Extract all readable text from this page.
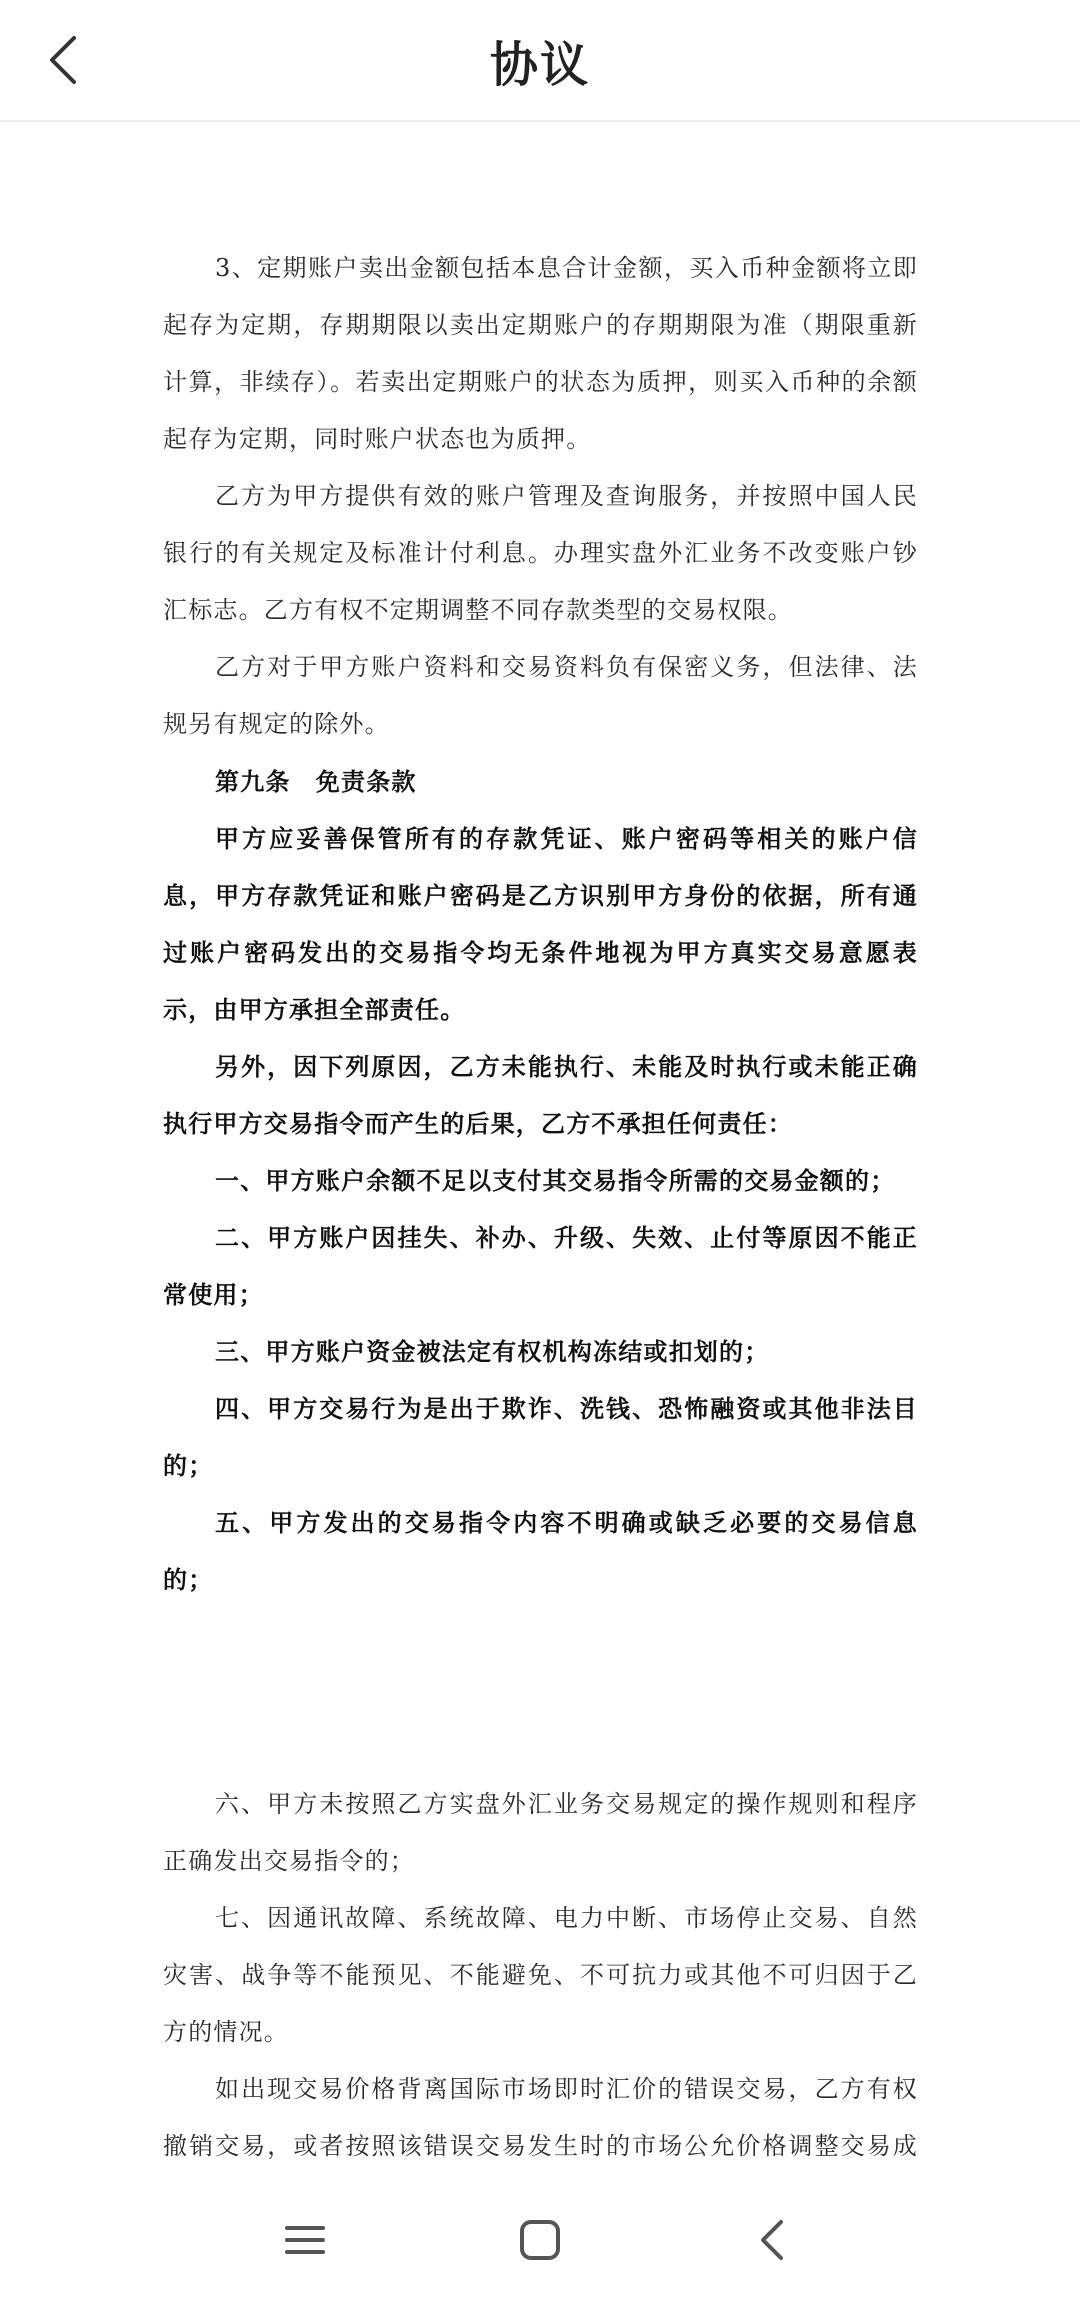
协议

3、定期账户卖出金额包括本息合计金额，买入币种金额将立即起存为定期，存期期限以卖出定期账户的存期期限为准（期限重新计算，非续存）。若卖出定期账户的状态为质押，则买入币种的余额起存为定期，同时账户状态也为质押。

乙方为甲方提供有效的账户管理及查询服务，并按照中国人民银行的有关规定及标准计付利息。办理实盘外汇业务不改变账户钞汇标志。乙方有权不定期调整不同存款类型的交易权限。

乙方对于甲方账户资料和交易资料负有保密义务，但法律、法规另有规定的除外。

第九条　免责条款

甲方应妥善保管所有的存款凭证、账户密码等相关的账户信息，甲方存款凭证和账户密码是乙方识别甲方身份的依据，所有通过账户密码发出的交易指令均无条件地视为甲方真实交易意愿表示，由甲方承担全部责任。

另外，因下列原因，乙方未能执行、未能及时执行或未能正确执行甲方交易指令而产生的后果，乙方不承担任何责任：

一、甲方账户余额不足以支付其交易指令所需的交易金额的；

二、甲方账户因挂失、补办、升级、失效、止付等原因不能正常使用；

三、甲方账户资金被法定有权机构冻结或扣划的；

四、甲方交易行为是出于欺诈、洗钱、恐怖融资或其他非法目的；

五、甲方发出的交易指令内容不明确或缺乏必要的交易信息的；

六、甲方未按照乙方实盘外汇业务交易规定的操作规则和程序正确发出交易指令的；

七、因通讯故障、系统故障、电力中断、市场停止交易、自然灾害、战争等不能预见、不能避免、不可抗力或其他不可归因于乙方的情况。

如出现交易价格背离国际市场即时汇价的错误交易，乙方有权撤销交易，或者按照该错误交易发生时的市场公允价格调整交易成
